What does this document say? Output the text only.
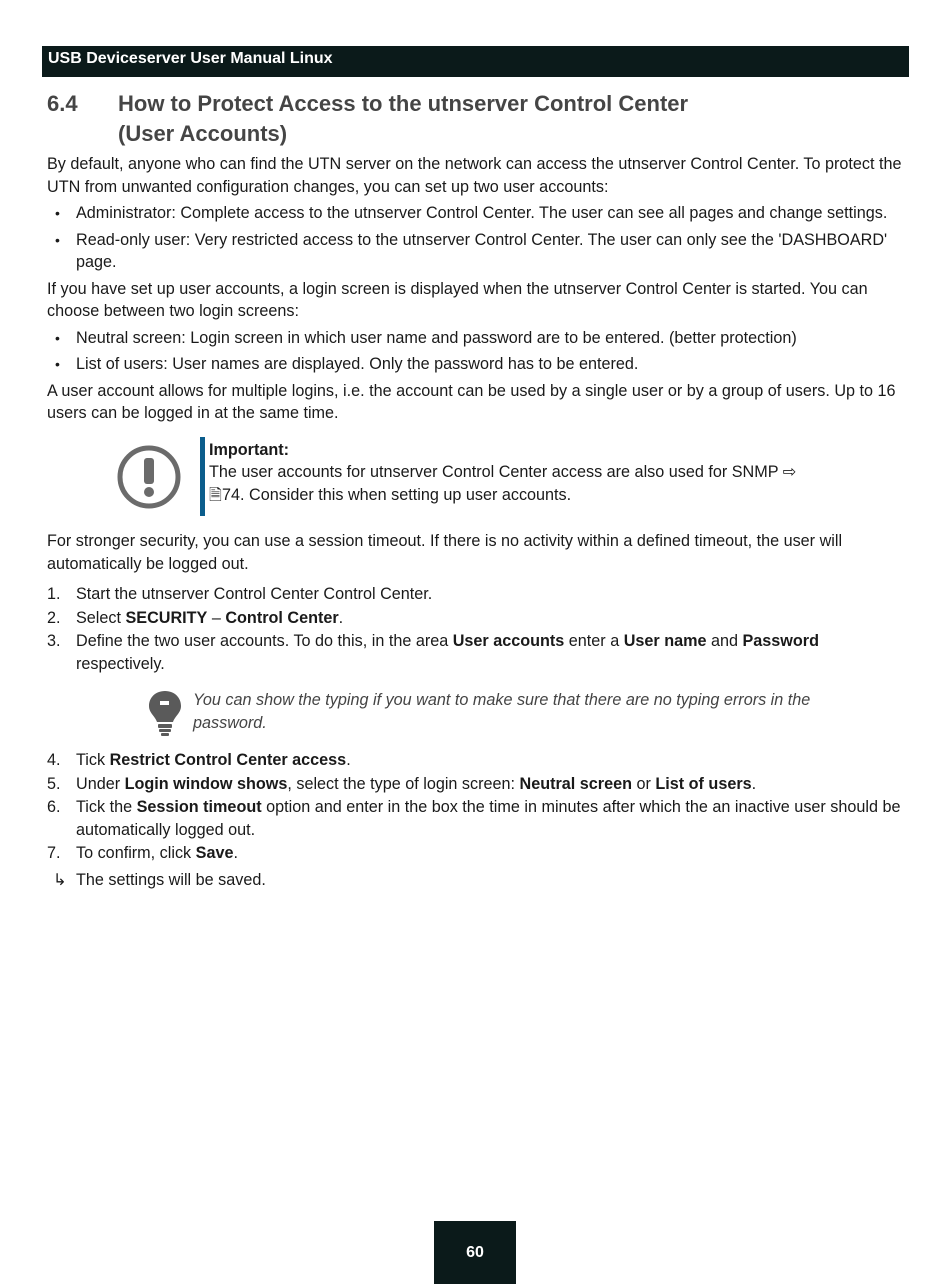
USB Deviceserver User Manual Linux
6.4	How to Protect Access to the utnserver Control Center
(User Accounts)

By default, anyone who can find the UTN server on the network can access the utnserver Control Center. To protect the UTN from unwanted configuration changes, you can set up two user accounts:

• Administrator: Complete access to the utnserver Control Center. The user can see all pages and change settings.
• Read-only user: Very restricted access to the utnserver Control Center. The user can only see the 'DASHBOARD' page.

If you have set up user accounts, a login screen is displayed when the utnserver Control Center is started. You can choose between two login screens:

• Neutral screen: Login screen in which user name and password are to be entered. (better protection)
• List of users: User names are displayed. Only the password has to be entered.

A user account allows for multiple logins, i.e. the account can be used by a single user or by a group of users. Up to 16 users can be logged in at the same time.

Important:
The user accounts for utnserver Control Center access are also used for SNMP ⇨
🗎74. Consider this when setting up user accounts.

For stronger security, you can use a session timeout. If there is no activity within a defined timeout, the user will automatically be logged out.

1. Start the utnserver Control Center Control Center.
2. Select SECURITY – Control Center.
3. Define the two user accounts. To do this, in the area User accounts enter a User name and Password respectively.
You can show the typing if you want to make sure that there are no typing errors in the password.
4. Tick Restrict Control Center access.
5. Under Login window shows, select the type of login screen: Neutral screen or List of users.
6. Tick the Session timeout option and enter in the box the time in minutes after which the an inactive user should be automatically logged out.
7. To confirm, click Save.
↳ The settings will be saved.
60
